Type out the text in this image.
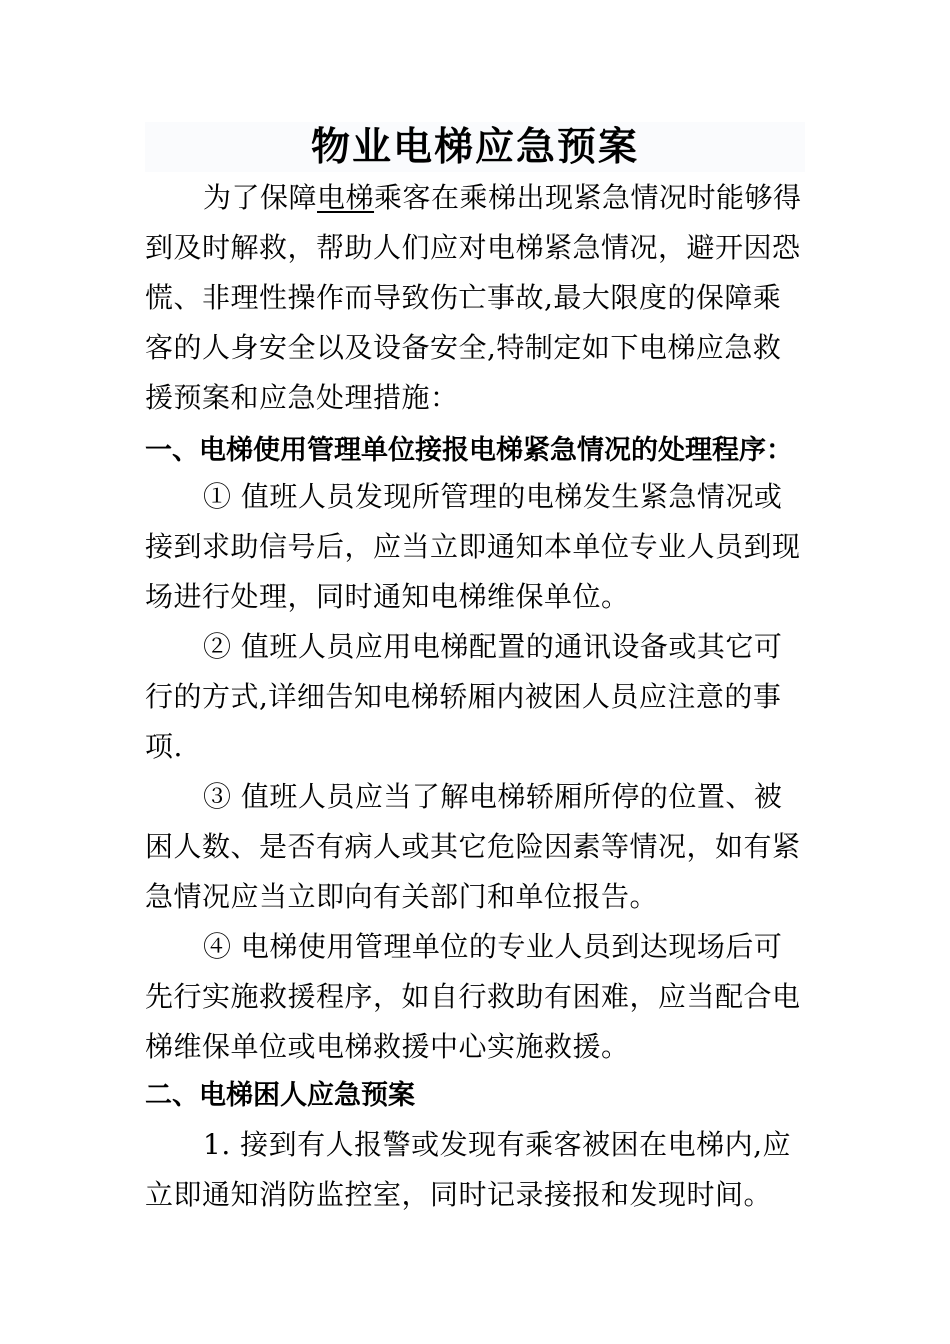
物业电梯应急预案
为了保障电梯乘客在乘梯出现紧急情况时能够得
到及时解救，帮助人们应对电梯紧急情况，避开因恐
慌、非理性操作而导致伤亡事故,最大限度的保障乘
客的人身安全以及设备安全,特制定如下电梯应急救
援预案和应急处理措施：
一、电梯使用管理单位接报电梯紧急情况的处理程序：
① 值班人员发现所管理的电梯发生紧急情况或
接到求助信号后，应当立即通知本单位专业人员到现
场进行处理，同时通知电梯维保单位。
② 值班人员应用电梯配置的通讯设备或其它可
行的方式,详细告知电梯轿厢内被困人员应注意的事
项.
③ 值班人员应当了解电梯轿厢所停的位置、被
困人数、是否有病人或其它危险因素等情况，如有紧
急情况应当立即向有关部门和单位报告。
④ 电梯使用管理单位的专业人员到达现场后可
先行实施救援程序，如自行救助有困难，应当配合电
梯维保单位或电梯救援中心实施救援。
二、电梯困人应急预案
1. 接到有人报警或发现有乘客被困在电梯内,应
立即通知消防监控室，同时记录接报和发现时间。
